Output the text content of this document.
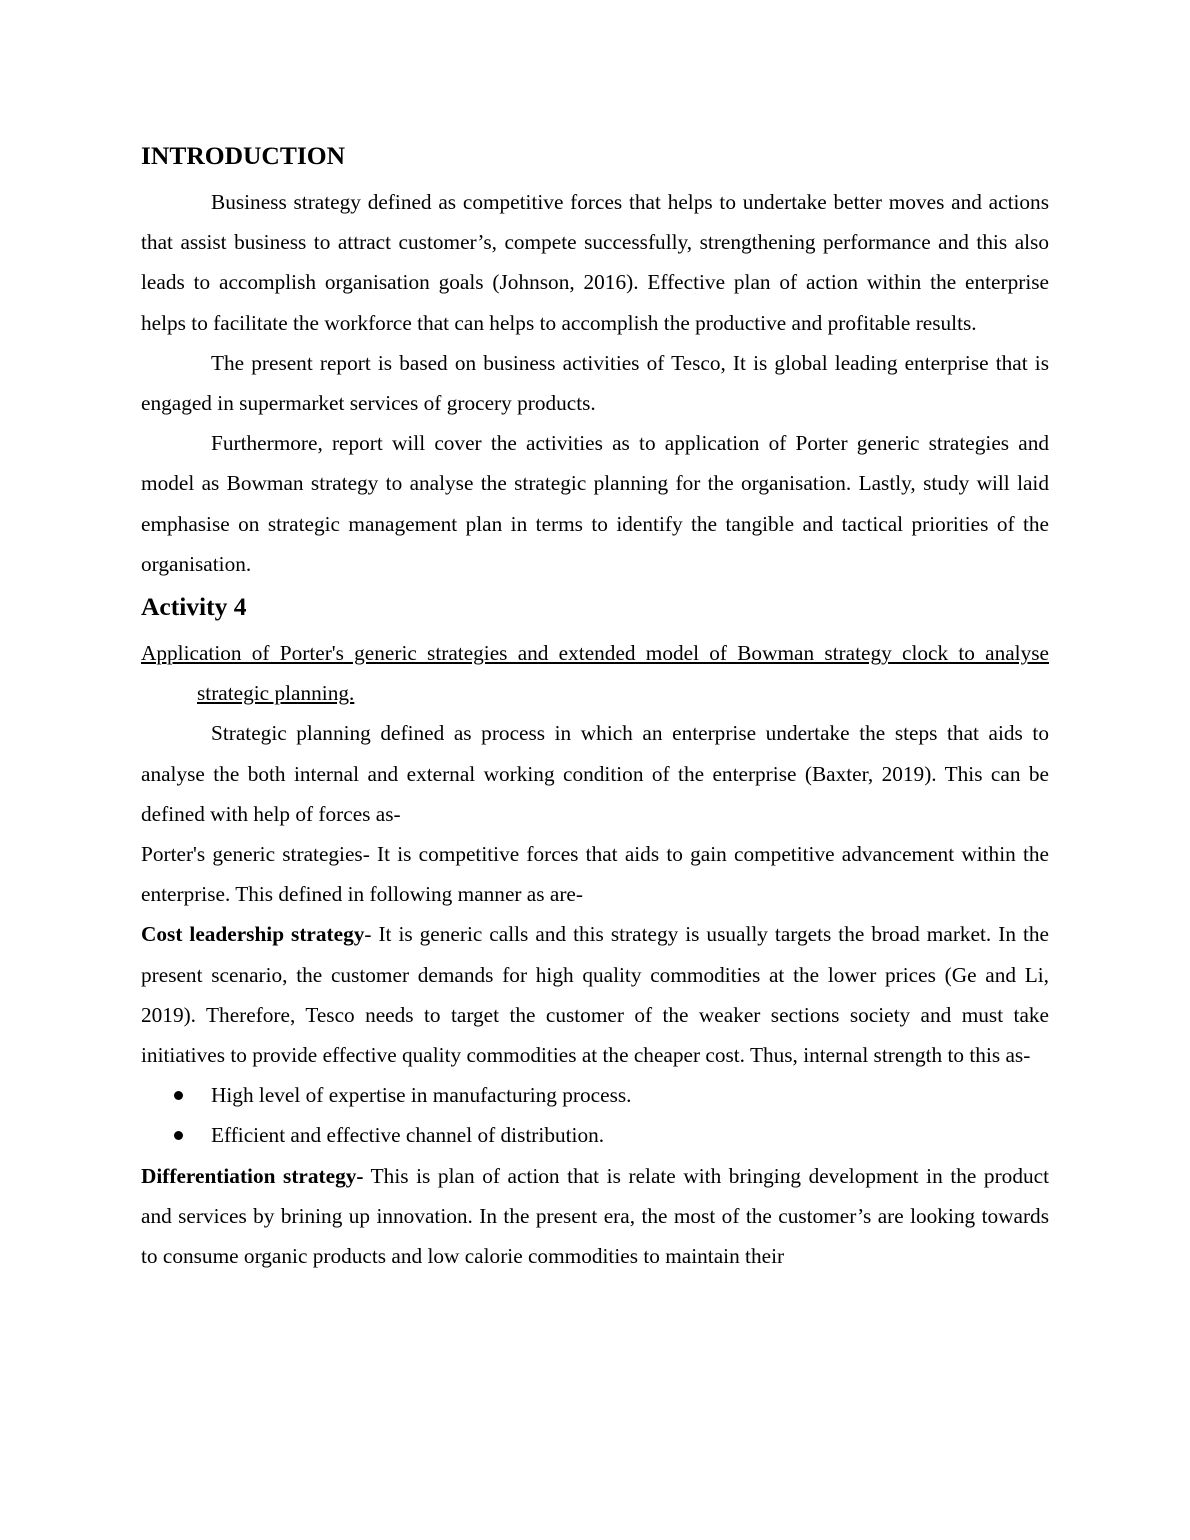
INTRODUCTION

Business strategy defined as competitive forces that helps to undertake better moves and actions that assist business to attract customer’s, compete successfully, strengthening performance and this also leads to accomplish organisation goals (Johnson, 2016). Effective plan of action within the enterprise helps to facilitate the workforce that can helps to accomplish the productive and profitable results.

The present report is based on business activities of Tesco, It is global leading enterprise that is engaged in supermarket services of grocery products.

Furthermore, report will cover the activities as to application of Porter generic strategies and model as Bowman strategy to analyse the strategic planning for the organisation. Lastly, study will laid emphasise on strategic management plan in terms to identify the tangible and tactical priorities of the organisation.

Activity 4

Application of Porter's generic strategies and extended model of Bowman strategy clock to analyse strategic planning.

Strategic planning defined as process in which an enterprise undertake the steps that aids to analyse the both internal and external working condition of the enterprise (Baxter, 2019). This can be defined with help of forces as-

Porter's generic strategies- It is competitive forces that aids to gain competitive advancement within the enterprise. This defined in following manner as are-

Cost leadership strategy- It is generic calls and this strategy is usually targets the broad market. In the present scenario, the customer demands for high quality commodities at the lower prices (Ge and Li, 2019). Therefore, Tesco needs to target the customer of the weaker sections society and must take initiatives to provide effective quality commodities at the cheaper cost. Thus, internal strength to this as-

High level of expertise in manufacturing process.
Efficient and effective channel of distribution.

Differentiation strategy- This is plan of action that is relate with bringing development in the product and services by brining up innovation. In the present era, the most of the customer’s are looking towards to consume organic products and low calorie commodities to maintain their
